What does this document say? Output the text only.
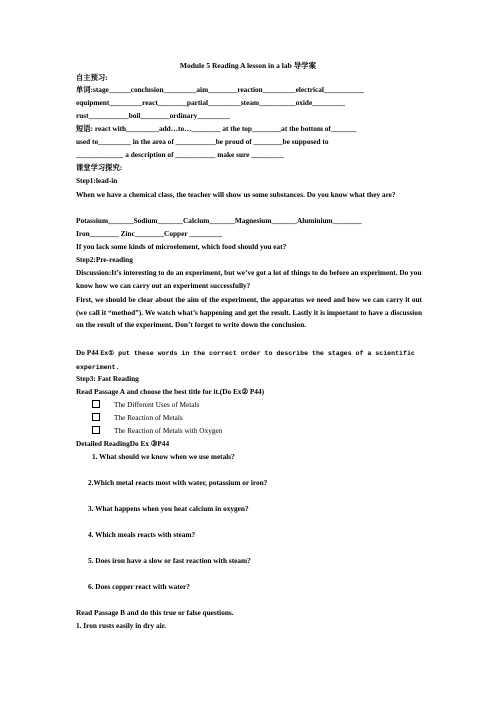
Module 5 Reading A lesson in a lab 导学案
自主预习:
单词:stage______conclusion_________aim________reaction_________electrical___________
equipment_________react________partial_________steam__________oxide_________
rust___________boil________ordinary_________
短语: react with_________add…to…________ at the top________at the bottom of_______
used to_________ in the area of ___________be proud of ________be supposed to
_____________ a description of ___________ make sure _________
课堂学习探究:
Step1:lead-in
When we have a chemical class, the teacher will show us some substances. Do you know what they are?
Potassium_______Sodium_______Calcium_______Magnesium_______Aluminium________
Iron________ Zinc________Copper _________
If you lack some kinds of microelement, which food should you eat?
Step2:Pre-reading
Discussion:It’s interesting to do an experiment, but we’ve got a lot of things to do before an experiment. Do you know how we can carry out an experiment successfully?
First, we should be clear about the aim of the experiment, the apparatus we need and how we can carry it out (we call it “method”). We watch what’s happening and get the result. Lastly it is important to have a discussion on the result of the experiment. Don’t forget to write down the conclusion.
Do P44 Ex① put these words in the correct order to describe the stages of a scientific experiment.
Step3: Fast Reading
Read Passage A and choose the best title for it.(Do Ex② P44)
The Different Uses of Metals
The Reaction of Metals
The Reaction of Metals with Oxygen
Detailed ReadingDo Ex ③P44
1. What should we know when we use metals?
2.Which metal reacts most with water, potassium or iron?
3. What happens when you heat calcium in oxygen?
4. Which meals reacts with steam?
5. Does iron have a slow or fast reaction with steam?
6. Does copper react with water?
Read Passage B and do this true or false questions.
1. Iron rusts easily in dry air.
